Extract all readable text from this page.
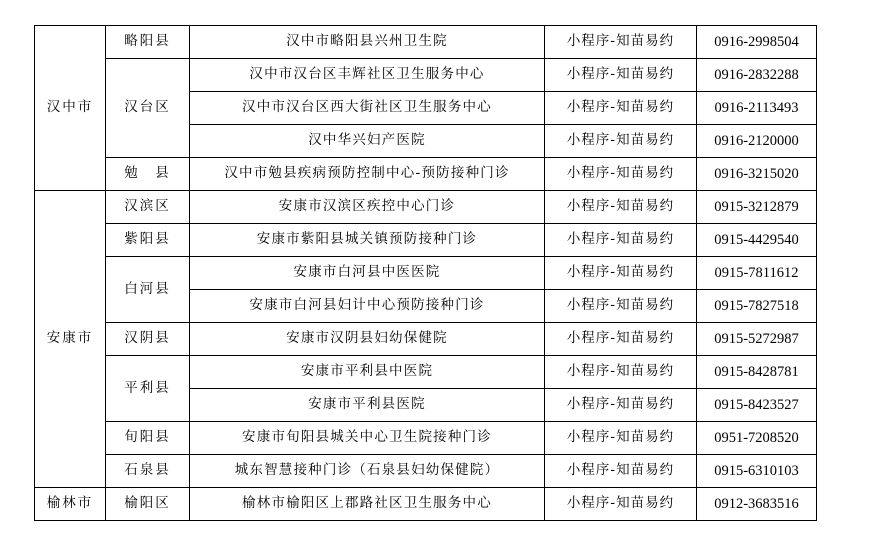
汉中市	略阳县	汉中市略阳县兴州卫生院	小程序-知苗易约	0916-2998504
	汉台区	汉中市汉台区丰辉社区卫生服务中心	小程序-知苗易约	0916-2832288
		汉中市汉台区西大街社区卫生服务中心	小程序-知苗易约	0916-2113493
		汉中华兴妇产医院	小程序-知苗易约	0916-2120000
	勉　县	汉中市勉县疾病预防控制中心-预防接种门诊	小程序-知苗易约	0916-3215020
安康市	汉滨区	安康市汉滨区疾控中心门诊	小程序-知苗易约	0915-3212879
	紫阳县	安康市紫阳县城关镇预防接种门诊	小程序-知苗易约	0915-4429540
	白河县	安康市白河县中医医院	小程序-知苗易约	0915-7811612
		安康市白河县妇计中心预防接种门诊	小程序-知苗易约	0915-7827518
	汉阴县	安康市汉阴县妇幼保健院	小程序-知苗易约	0915-5272987
	平利县	安康市平利县中医院	小程序-知苗易约	0915-8428781
		安康市平利县医院	小程序-知苗易约	0915-8423527
	旬阳县	安康市旬阳县城关中心卫生院接种门诊	小程序-知苗易约	0951-7208520
	石泉县	城东智慧接种门诊（石泉县妇幼保健院）	小程序-知苗易约	0915-6310103
榆林市	榆阳区	榆林市榆阳区上郡路社区卫生服务中心	小程序-知苗易约	0912-3683516
